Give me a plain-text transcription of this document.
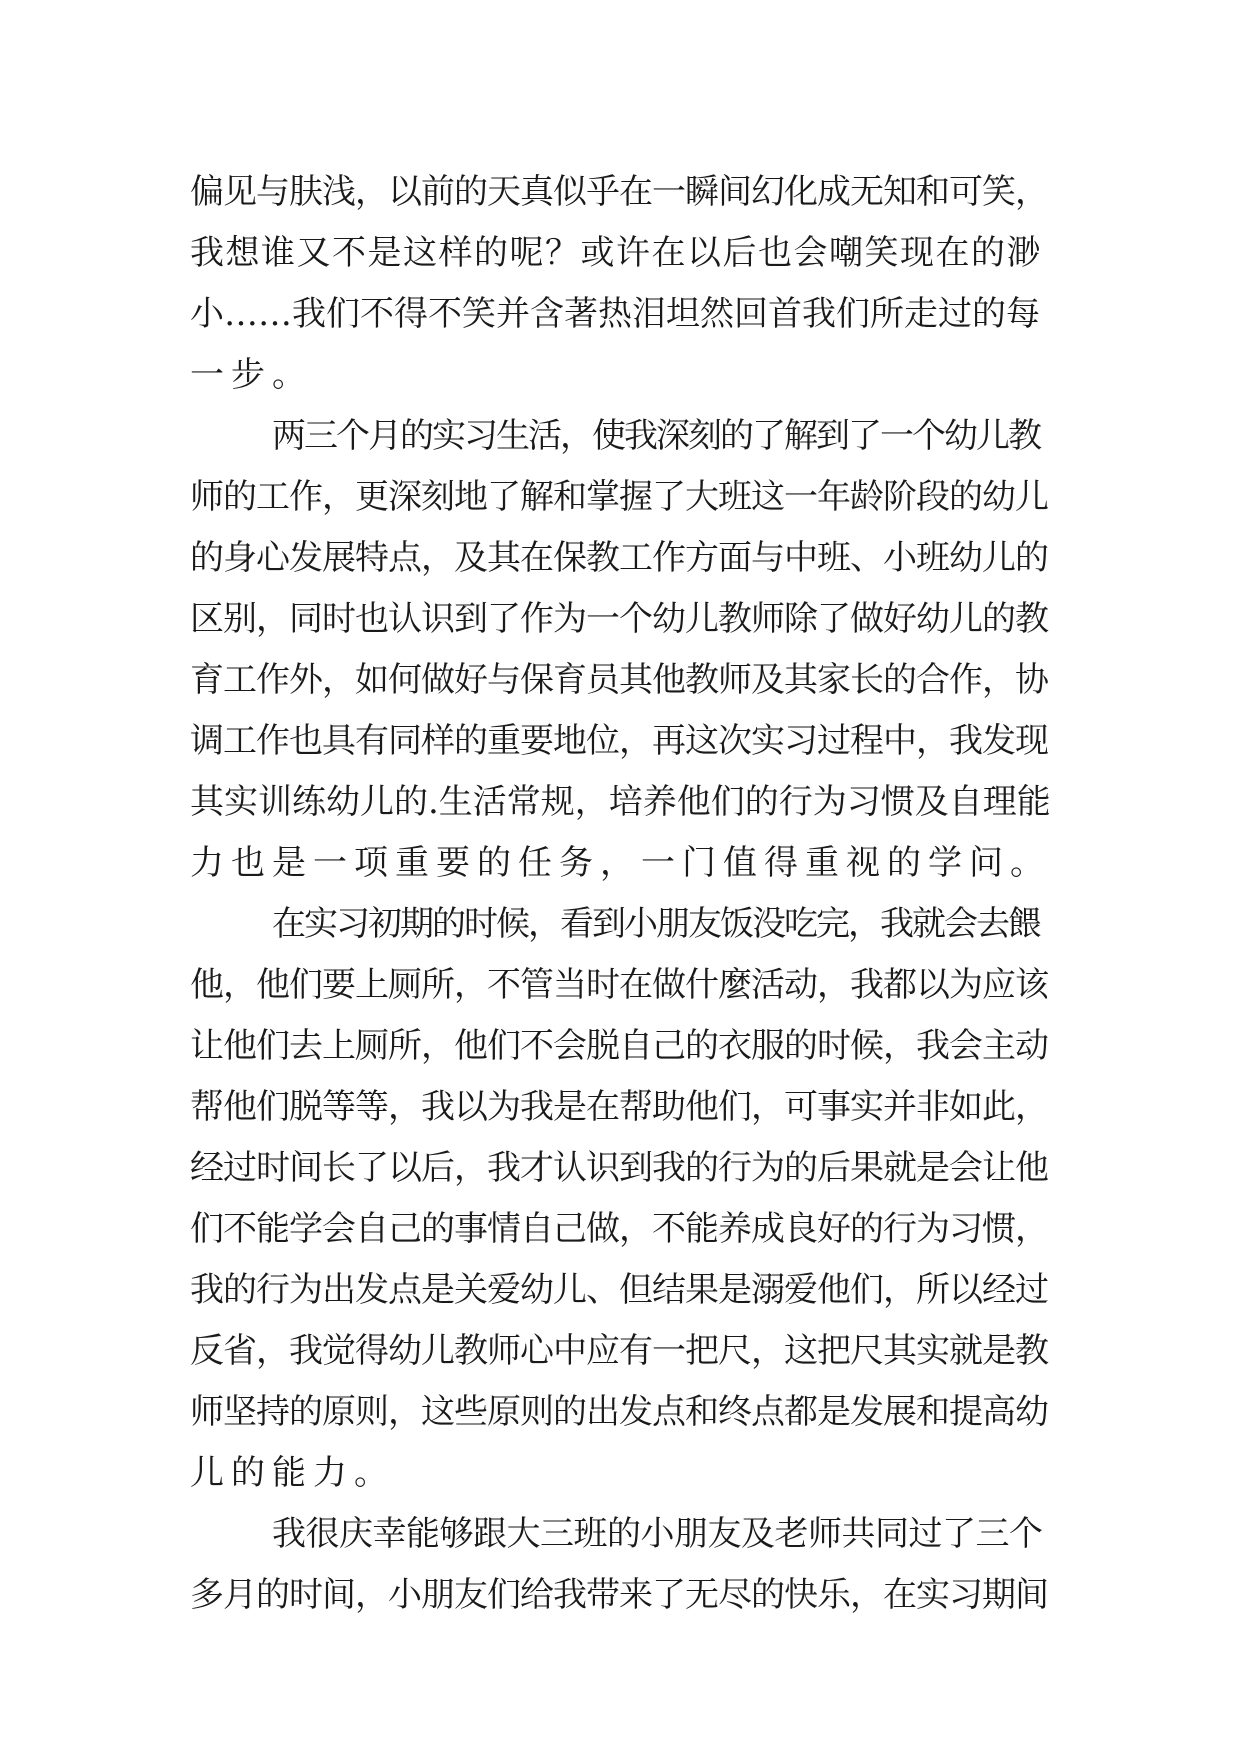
偏见与肤浅，以前的天真似乎在一瞬间幻化成无知和可笑，
我想谁又不是这样的呢？或许在以后也会嘲笑现在的渺
小……我们不得不笑并含著热泪坦然回首我们所走过的每
一步。
两三个月的实习生活，使我深刻的了解到了一个幼儿教
师的工作，更深刻地了解和掌握了大班这一年龄阶段的幼儿
的身心发展特点，及其在保教工作方面与中班、小班幼儿的
区别，同时也认识到了作为一个幼儿教师除了做好幼儿的教
育工作外，如何做好与保育员其他教师及其家长的合作，协
调工作也具有同样的重要地位，再这次实习过程中，我发现
其实训练幼儿的.生活常规，培养他们的行为习惯及自理能
力也是一项重要的任务，一门值得重视的学问。
在实习初期的时候，看到小朋友饭没吃完，我就会去餵
他，他们要上厕所，不管当时在做什麼活动，我都以为应该
让他们去上厕所，他们不会脱自己的衣服的时候，我会主动
帮他们脱等等，我以为我是在帮助他们，可事实并非如此，
经过时间长了以后，我才认识到我的行为的后果就是会让他
们不能学会自己的事情自己做，不能养成良好的行为习惯，
我的行为出发点是关爱幼儿、但结果是溺爱他们，所以经过
反省，我觉得幼儿教师心中应有一把尺，这把尺其实就是教
师坚持的原则，这些原则的出发点和终点都是发展和提高幼
儿的能力。
我很庆幸能够跟大三班的小朋友及老师共同过了三个
多月的时间，小朋友们给我带来了无尽的快乐，在实习期间
